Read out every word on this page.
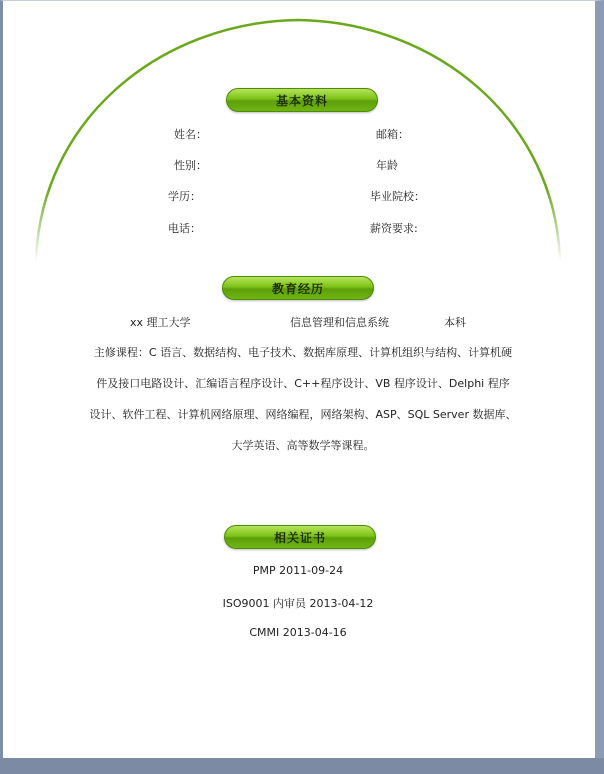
基本资料
姓名：	邮箱：
性别：	年龄
学历：	毕业院校：
电话：	薪资要求:
教育经历
xx 理工大学	信息管理和信息系统	本科
主修课程：C 语言、数据结构、电子技术、数据库原理、计算机组织与结构、计算机硬
件及接口电路设计、汇编语言程序设计、C++程序设计、VB 程序设计、Delphi 程序
设计、软件工程、计算机网络原理、网络编程，网络架构、ASP、SQL Server 数据库、
大学英语、高等数学等课程。
相关证书
PMP 2011-09-24
ISO9001 内审员 2013-04-12
CMMI 2013-04-16
